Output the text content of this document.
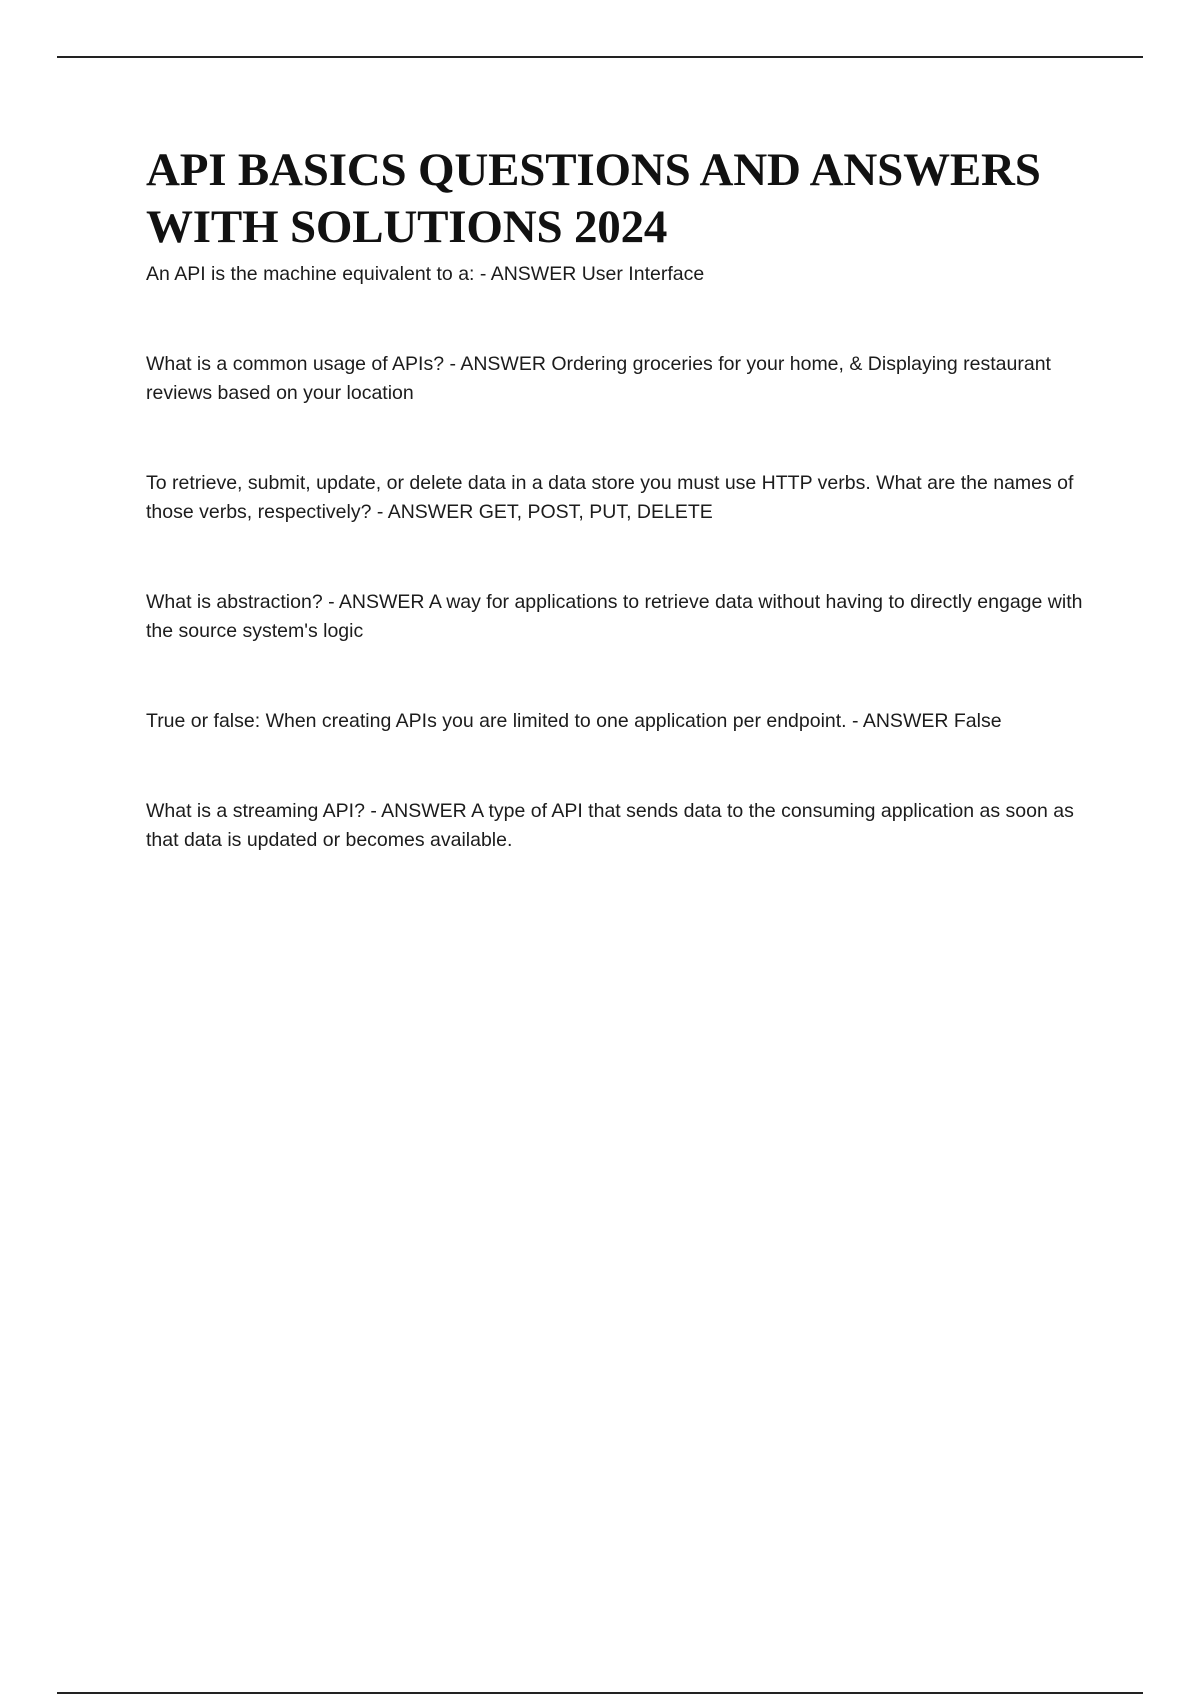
API BASICS QUESTIONS AND ANSWERS
WITH SOLUTIONS 2024
An API is the machine equivalent to a: - ANSWER User Interface
What is a common usage of APIs? - ANSWER Ordering groceries for your home, & Displaying restaurant reviews based on your location
To retrieve, submit, update, or delete data in a data store you must use HTTP verbs. What are the names of those verbs, respectively? - ANSWER GET, POST, PUT, DELETE
What is abstraction? - ANSWER A way for applications to retrieve data without having to directly engage with the source system's logic
True or false: When creating APIs you are limited to one application per endpoint. - ANSWER False
What is a streaming API? - ANSWER A type of API that sends data to the consuming application as soon as that data is updated or becomes available.
